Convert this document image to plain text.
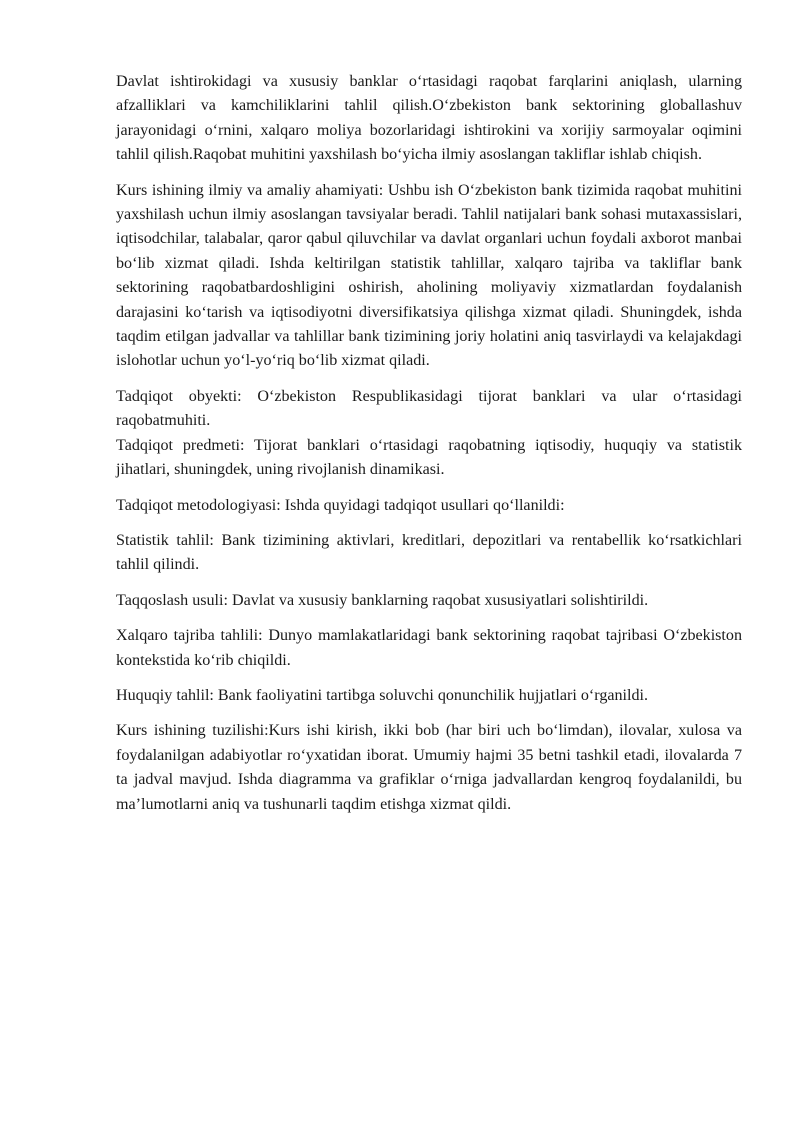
Davlat ishtirokidagi va xususiy banklar o‘rtasidagi raqobat farqlarini aniqlash, ularning afzalliklari va kamchiliklarini tahlil qilish.O‘zbekiston bank sektorining globallashuv jarayonidagi o‘rnini, xalqaro moliya bozorlaridagi ishtirokini va xorijiy sarmoyalar oqimini tahlil qilish.Raqobat muhitini yaxshilash bo‘yicha ilmiy asoslangan takliflar ishlab chiqish.

Kurs ishining ilmiy va amaliy ahamiyati: Ushbu ish O‘zbekiston bank tizimida raqobat muhitini yaxshilash uchun ilmiy asoslangan tavsiyalar beradi. Tahlil natijalari bank sohasi mutaxassislari, iqtisodchilar, talabalar, qaror qabul qiluvchilar va davlat organlari uchun foydali axborot manbai bo‘lib xizmat qiladi. Ishda keltirilgan statistik tahlillar, xalqaro tajriba va takliflar bank sektorining raqobatbardoshligini oshirish, aholining moliyaviy xizmatlardan foydalanish darajasini ko‘tarish va iqtisodiyotni diversifikatsiya qilishga xizmat qiladi. Shuningdek, ishda taqdim etilgan jadvallar va tahlillar bank tizimining joriy holatini aniq tasvirlaydi va kelajakdagi islohotlar uchun yo‘l-yo‘riq bo‘lib xizmat qiladi.

Tadqiqot obyekti: O‘zbekiston Respublikasidagi tijorat banklari va ular o‘rtasidagi raqobatmuhiti.

Tadqiqot predmeti: Tijorat banklari o‘rtasidagi raqobatning iqtisodiy, huquqiy va statistik jihatlari, shuningdek, uning rivojlanish dinamikasi.

Tadqiqot metodologiyasi: Ishda quyidagi tadqiqot usullari qo‘llanildi:

Statistik tahlil: Bank tizimining aktivlari, kreditlari, depozitlari va rentabellik ko‘rsatkichlari tahlil qilindi.

Taqqoslash usuli: Davlat va xususiy banklarning raqobat xususiyatlari solishtirildi.

Xalqaro tajriba tahlili: Dunyo mamlakatlaridagi bank sektorining raqobat tajribasi O‘zbekiston kontekstida ko‘rib chiqildi.

Huquqiy tahlil: Bank faoliyatini tartibga soluvchi qonunchilik hujjatlari o‘rganildi.

Kurs ishining tuzilishi:Kurs ishi kirish, ikki bob (har biri uch bo‘limdan), ilovalar, xulosa va foydalanilgan adabiyotlar ro‘yxatidan iborat. Umumiy hajmi 35 betni tashkil etadi, ilovalarda 7 ta jadval mavjud. Ishda diagramma va grafiklar o‘rniga jadvallardan kengroq foydalanildi, bu ma’lumotlarni aniq va tushunarli taqdim etishga xizmat qildi.
